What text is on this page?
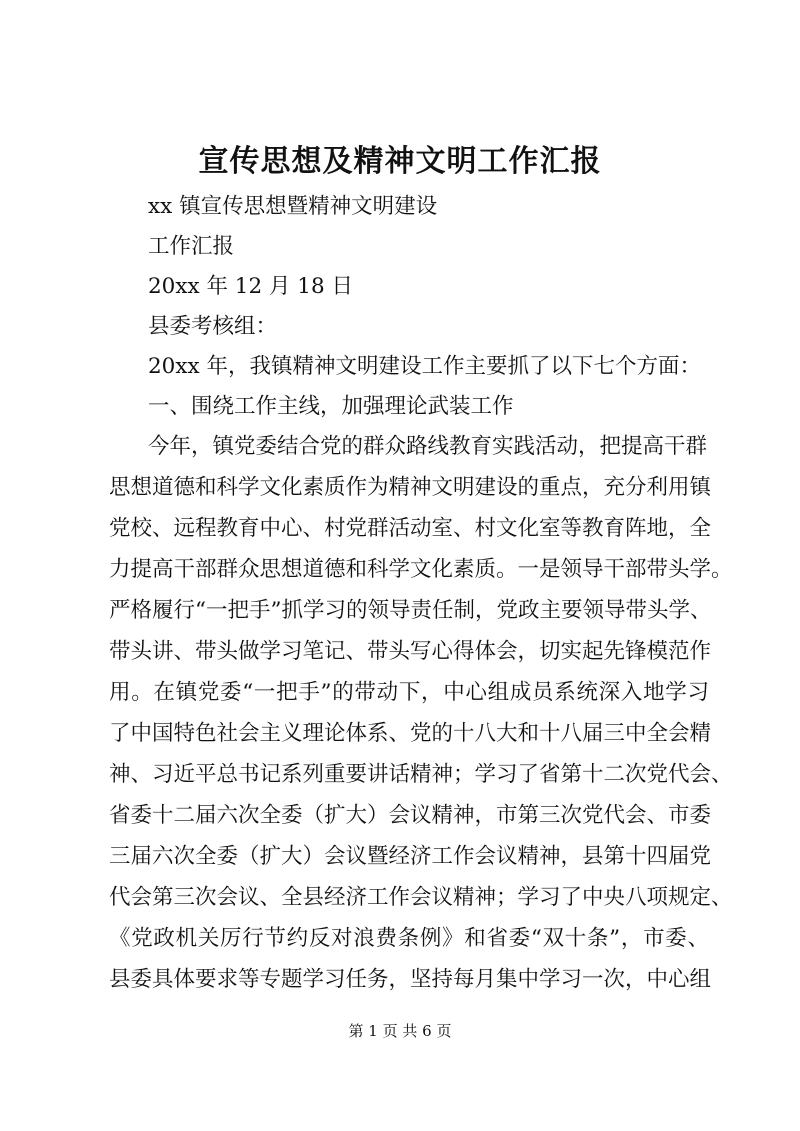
宣传思想及精神文明工作汇报
xx 镇宣传思想暨精神文明建设
工作汇报
20xx 年 12 月 18 日
县委考核组：
20xx 年，我镇精神文明建设工作主要抓了以下七个方面：
一、围绕工作主线，加强理论武装工作
今年，镇党委结合党的群众路线教育实践活动，把提高干群
思想道德和科学文化素质作为精神文明建设的重点，充分利用镇
党校、远程教育中心、村党群活动室、村文化室等教育阵地，全
力提高干部群众思想道德和科学文化素质。一是领导干部带头学。
严格履行“一把手”抓学习的领导责任制，党政主要领导带头学、
带头讲、带头做学习笔记、带头写心得体会，切实起先锋模范作
用。在镇党委“一把手”的带动下，中心组成员系统深入地学习
了中国特色社会主义理论体系、党的十八大和十八届三中全会精
神、习近平总书记系列重要讲话精神；学习了省第十二次党代会、
省委十二届六次全委（扩大）会议精神，市第三次党代会、市委
三届六次全委（扩大）会议暨经济工作会议精神，县第十四届党
代会第三次会议、全县经济工作会议精神；学习了中央八项规定、
《党政机关厉行节约反对浪费条例》和省委“双十条”，市委、
县委具体要求等专题学习任务，坚持每月集中学习一次，中心组
第 1 页 共 6 页
